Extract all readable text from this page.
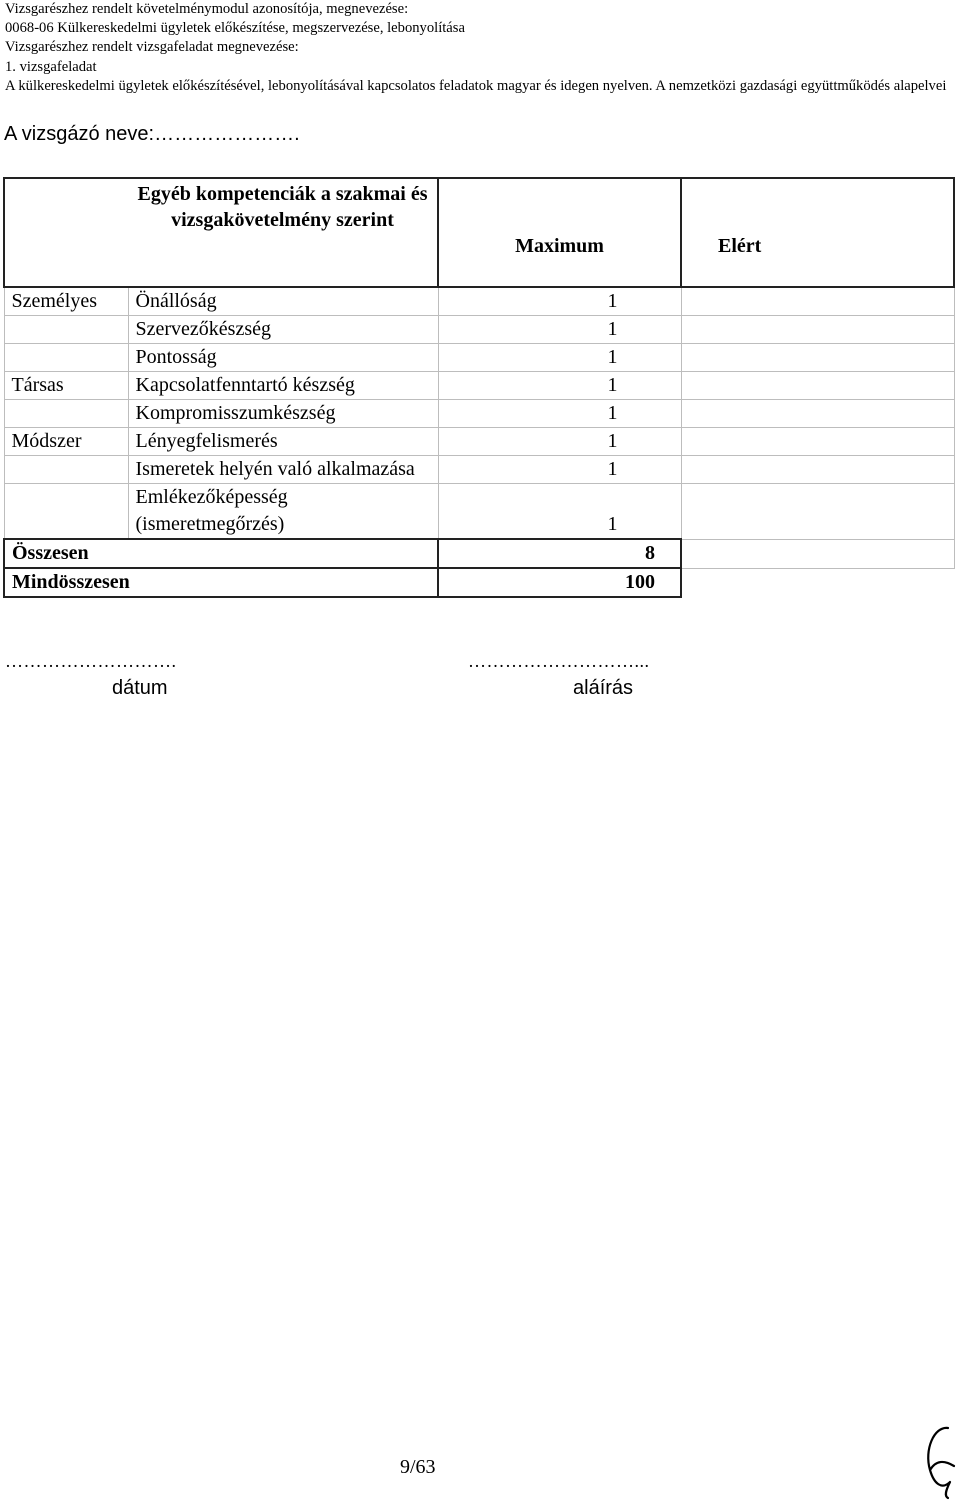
Vizsgarészhez rendelt követelménymodul azonosítója, megnevezése:
0068-06 Külkereskedelmi ügyletek előkészítése, megszervezése, lebonyolítása
Vizsgarészhez rendelt vizsgafeladat megnevezése:
1. vizsgafeladat
A külkereskedelmi ügyletek előkészítésével, lebonyolításával kapcsolatos feladatok magyar és idegen nyelven. A nemzetközi gazdasági együttműködés alapelvei
A vizsgázó neve:………………….
	Egyéb kompetenciák a szakmai és vizsgakövetelmény szerint	Maximum	Elért
Személyes	Önállóság	1	
	Szervezőkészség	1	
	Pontosság	1	
Társas	Kapcsolatfenntartó készség	1	
	Kompromisszumkészség	1	
Módszer	Lényegfelismerés	1	
	Ismeretek helyén való alkalmazása	1	
	Emlékezőképesség (ismeretmegőrzés)	1	
Összesen		8	
Mindösszesen		100	
……………………….
dátum
………………………...
aláírás
9/63
